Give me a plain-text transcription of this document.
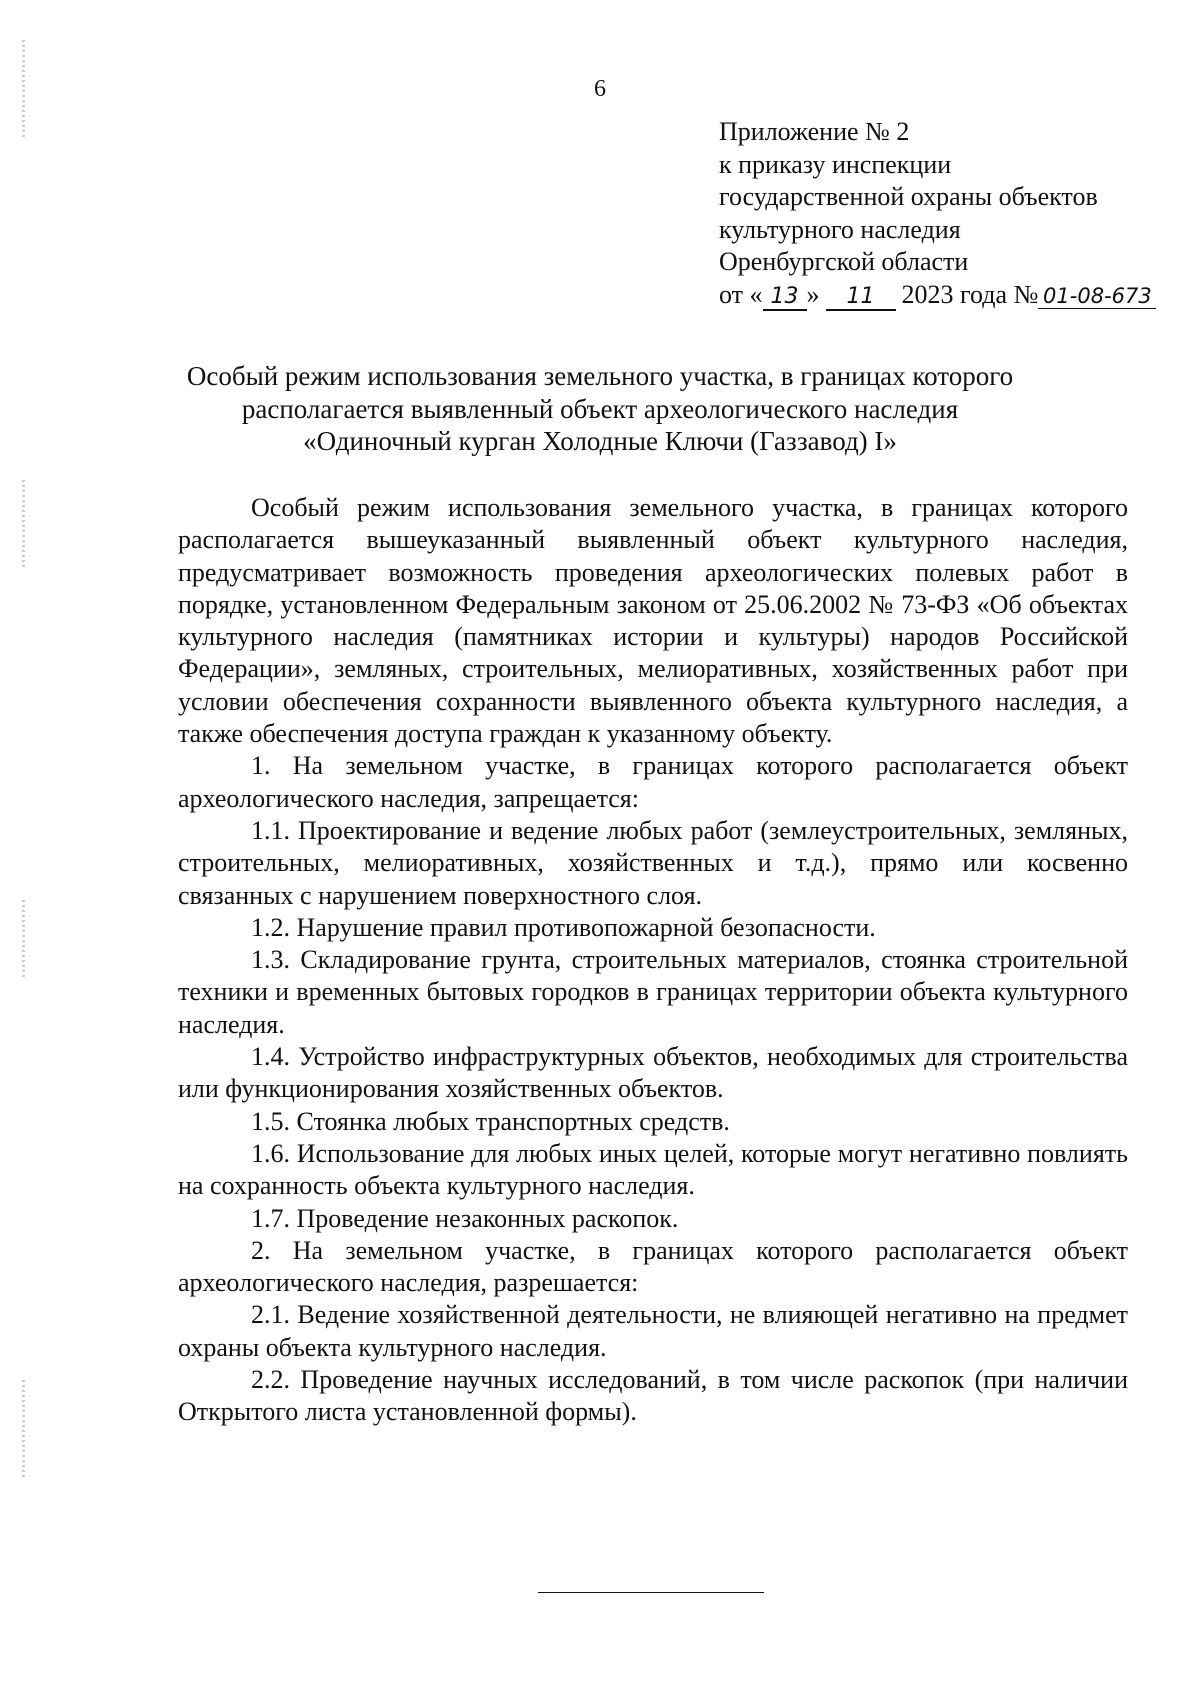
6
Приложение № 2
к приказу инспекции
государственной охраны объектов
культурного наследия
Оренбургской области
от « 13 » 11 2023 года № 01-08-673
Особый режим использования земельного участка, в границах которого
располагается выявленный объект археологического наследия
«Одиночный курган Холодные Ключи (Газзавод) I»

Особый режим использования земельного участка, в границах которого располагается вышеуказанный выявленный объект культурного наследия, предусматривает возможность проведения археологических полевых работ в порядке, установленном Федеральным законом от 25.06.2002 № 73-ФЗ «Об объектах культурного наследия (памятниках истории и культуры) народов Российской Федерации», земляных, строительных, мелиоративных, хозяйственных работ при условии обеспечения сохранности выявленного объекта культурного наследия, а также обеспечения доступа граждан к указанному объекту.

1. На земельном участке, в границах которого располагается объект археологического наследия, запрещается:

1.1. Проектирование и ведение любых работ (землеустроительных, земляных, строительных, мелиоративных, хозяйственных и т.д.), прямо или косвенно связанных с нарушением поверхностного слоя.

1.2. Нарушение правил противопожарной безопасности.

1.3. Складирование грунта, строительных материалов, стоянка строительной техники и временных бытовых городков в границах территории объекта культурного наследия.

1.4. Устройство инфраструктурных объектов, необходимых для строительства или функционирования хозяйственных объектов.

1.5. Стоянка любых транспортных средств.

1.6. Использование для любых иных целей, которые могут негативно повлиять на сохранность объекта культурного наследия.

1.7. Проведение незаконных раскопок.

2. На земельном участке, в границах которого располагается объект археологического наследия, разрешается:

2.1. Ведение хозяйственной деятельности, не влияющей негативно на предмет охраны объекта культурного наследия.

2.2. Проведение научных исследований, в том числе раскопок (при наличии Открытого листа установленной формы).
